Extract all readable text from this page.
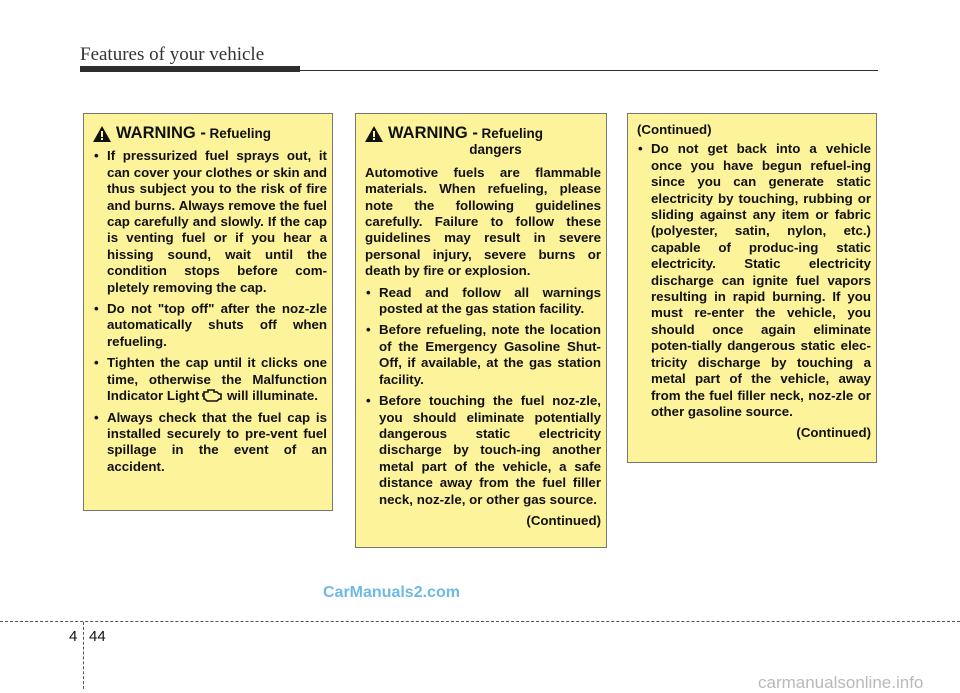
Features of your vehicle
WARNING - Refueling
• If pressurized fuel sprays out, it can cover your clothes or skin and thus subject you to the risk of fire and burns. Always remove the fuel cap carefully and slowly. If the cap is venting fuel or if you hear a hissing sound, wait until the condition stops before com-pletely removing the cap.
• Do not "top off" after the noz-zle automatically shuts off when refueling.
• Tighten the cap until it clicks one time, otherwise the Malfunction Indicator Light will illuminate.
• Always check that the fuel cap is installed securely to pre-vent fuel spillage in the event of an accident.
WARNING - Refueling
dangers
Automotive fuels are flammable materials. When refueling, please note the following guidelines carefully. Failure to follow these guidelines may result in severe personal injury, severe burns or death by fire or explosion.
• Read and follow all warnings posted at the gas station facility.
• Before refueling, note the location of the Emergency Gasoline Shut-Off, if available, at the gas station facility.
• Before touching the fuel noz-zle, you should eliminate potentially dangerous static electricity discharge by touch-ing another metal part of the vehicle, a safe distance away from the fuel filler neck, noz-zle, or other gas source.
(Continued)
(Continued)
• Do not get back into a vehicle once you have begun refuel-ing since you can generate static electricity by touching, rubbing or sliding against any item or fabric (polyester, satin, nylon, etc.) capable of produc-ing static electricity. Static electricity discharge can ignite fuel vapors resulting in rapid burning. If you must re-enter the vehicle, you should once again eliminate poten-tially dangerous static elec-tricity discharge by touching a metal part of the vehicle, away from the fuel filler neck, noz-zle or other gasoline source.
(Continued)
CarManuals2.com
4 44
carmanualsonline.info
